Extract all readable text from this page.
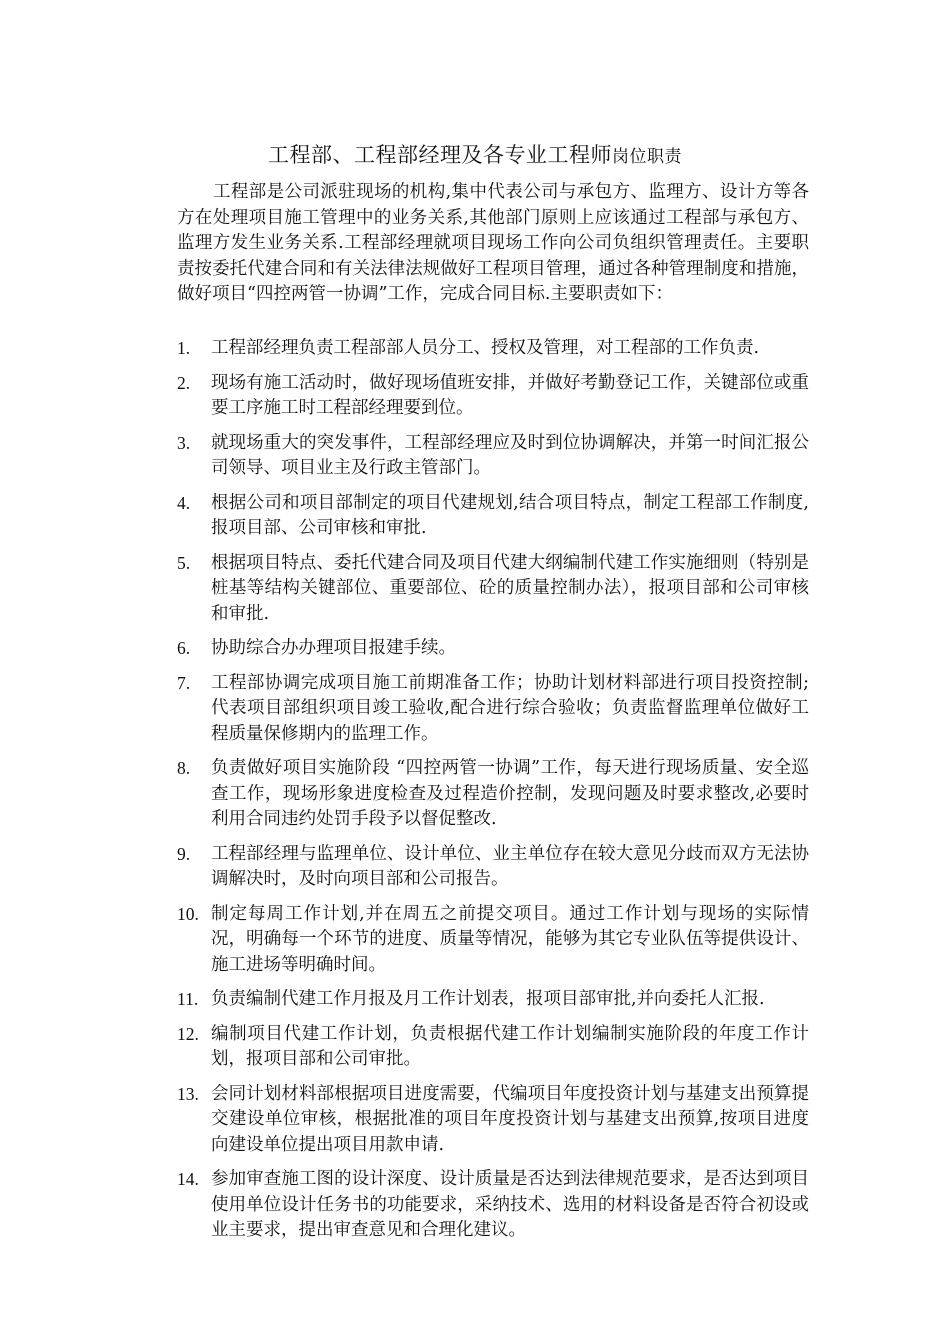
工程部、工程部经理及各专业工程师岗位职责

工程部是公司派驻现场的机构,集中代表公司与承包方、监理方、设计方等各方在处理项目施工管理中的业务关系,其他部门原则上应该通过工程部与承包方、监理方发生业务关系.工程部经理就项目现场工作向公司负组织管理责任。主要职责按委托代建合同和有关法律法规做好工程项目管理，通过各种管理制度和措施，做好项目“四控两管一协调”工作，完成合同目标.主要职责如下：

1. 工程部经理负责工程部部人员分工、授权及管理，对工程部的工作负责.
2. 现场有施工活动时，做好现场值班安排，并做好考勤登记工作，关键部位或重要工序施工时工程部经理要到位。
3. 就现场重大的突发事件，工程部经理应及时到位协调解决，并第一时间汇报公司领导、项目业主及行政主管部门。
4. 根据公司和项目部制定的项目代建规划,结合项目特点，制定工程部工作制度,报项目部、公司审核和审批.
5. 根据项目特点、委托代建合同及项目代建大纲编制代建工作实施细则（特别是桩基等结构关键部位、重要部位、砼的质量控制办法），报项目部和公司审核和审批.
6. 协助综合办办理项目报建手续。
7. 工程部协调完成项目施工前期准备工作；协助计划材料部进行项目投资控制;代表项目部组织项目竣工验收,配合进行综合验收；负责监督监理单位做好工程质量保修期内的监理工作。
8. 负责做好项目实施阶段 “四控两管一协调”工作，每天进行现场质量、安全巡查工作，现场形象进度检查及过程造价控制，发现问题及时要求整改,必要时利用合同违约处罚手段予以督促整改.
9. 工程部经理与监理单位、设计单位、业主单位存在较大意见分歧而双方无法协调解决时，及时向项目部和公司报告。
10. 制定每周工作计划,并在周五之前提交项目。通过工作计划与现场的实际情况，明确每一个环节的进度、质量等情况，能够为其它专业队伍等提供设计、施工进场等明确时间。
11. 负责编制代建工作月报及月工作计划表，报项目部审批,并向委托人汇报.
12. 编制项目代建工作计划，负责根据代建工作计划编制实施阶段的年度工作计划，报项目部和公司审批。
13. 会同计划材料部根据项目进度需要，代编项目年度投资计划与基建支出预算提交建设单位审核，根据批准的项目年度投资计划与基建支出预算,按项目进度向建设单位提出项目用款申请.
14. 参加审查施工图的设计深度、设计质量是否达到法律规范要求，是否达到项目使用单位设计任务书的功能要求，采纳技术、选用的材料设备是否符合初设或业主要求，提出审查意见和合理化建议。
